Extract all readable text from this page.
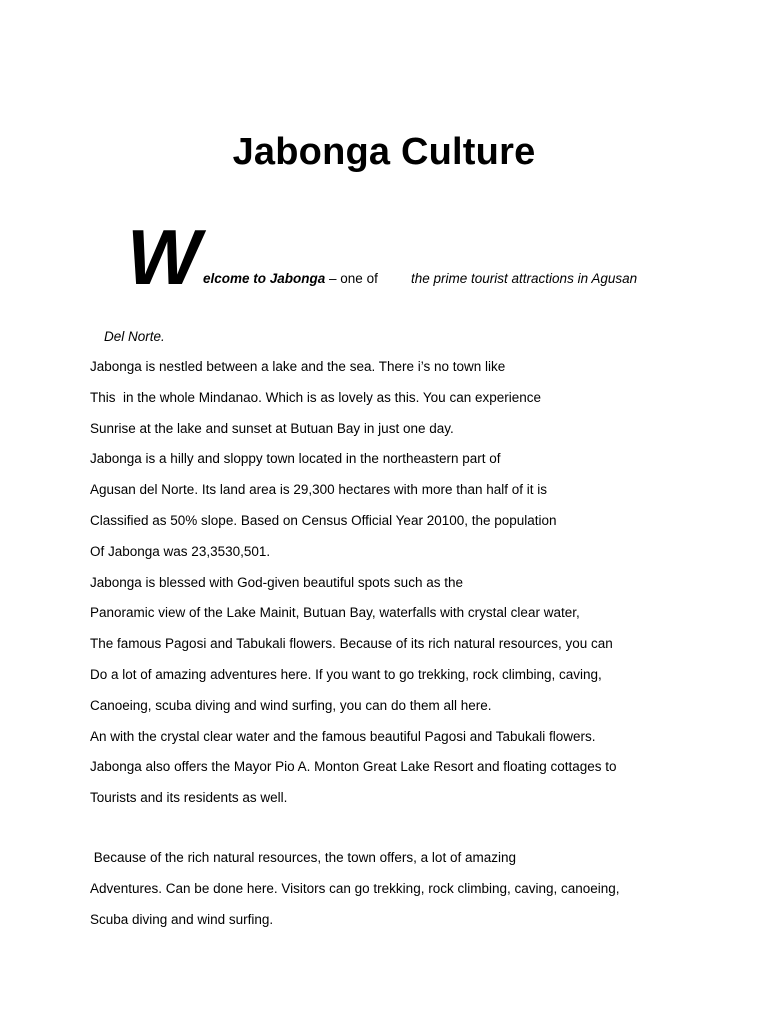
Jabonga Culture
W elcome to Jabonga – one of the prime tourist attractions in Agusan
Del Norte.
Jabonga is nestled between a lake and the sea. There i’s no town like
This  in the whole Mindanao. Which is as lovely as this. You can experience
Sunrise at the lake and sunset at Butuan Bay in just one day.
Jabonga is a hilly and sloppy town located in the northeastern part of
Agusan del Norte. Its land area is 29,300 hectares with more than half of it is
Classified as 50% slope. Based on Census Official Year 20100, the population
Of Jabonga was 23,3530,501.
Jabonga is blessed with God-given beautiful spots such as the
Panoramic view of the Lake Mainit, Butuan Bay, waterfalls with crystal clear water,
The famous Pagosi and Tabukali flowers. Because of its rich natural resources, you can
Do a lot of amazing adventures here. If you want to go trekking, rock climbing, caving,
Canoeing, scuba diving and wind surfing, you can do them all here.
An with the crystal clear water and the famous beautiful Pagosi and Tabukali flowers.
Jabonga also offers the Mayor Pio A. Monton Great Lake Resort and floating cottages to
Tourists and its residents as well.
Because of the rich natural resources, the town offers, a lot of amazing
Adventures. Can be done here. Visitors can go trekking, rock climbing, caving, canoeing,
Scuba diving and wind surfing.
